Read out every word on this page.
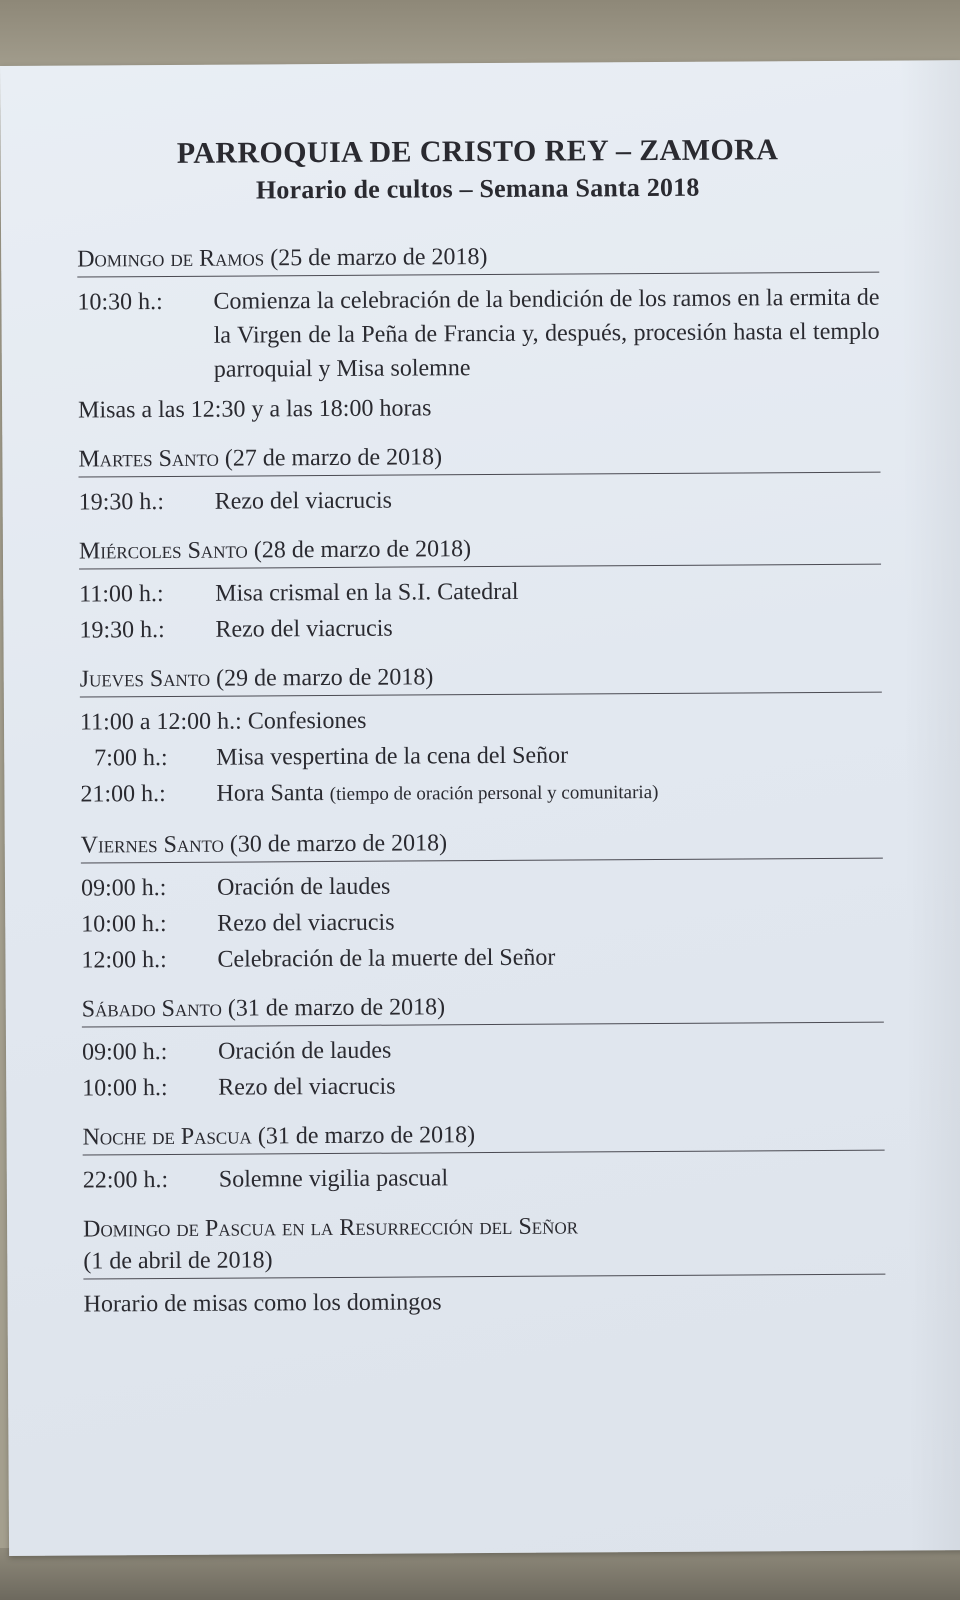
PARROQUIA DE CRISTO REY – ZAMORA
Horario de cultos – Semana Santa 2018
Domingo de Ramos (25 de marzo de 2018)
10:30 h.:	Comienza la celebración de la bendición de los ramos en la ermita de la Virgen de la Peña de Francia y, después, procesión hasta el templo parroquial y Misa solemne
Misas a las 12:30 y a las 18:00 horas
Martes Santo (27 de marzo de 2018)
19:30 h.:	Rezo del viacrucis
Miércoles Santo (28 de marzo de 2018)
11:00 h.:	Misa crismal en la S.I. Catedral
19:30 h.:	Rezo del viacrucis
Jueves Santo (29 de marzo de 2018)
11:00 a 12:00 h.: Confesiones
7:00 h.:	Misa vespertina de la cena del Señor
21:00 h.:	Hora Santa (tiempo de oración personal y comunitaria)
Viernes Santo (30 de marzo de 2018)
09:00 h.:	Oración de laudes
10:00 h.:	Rezo del viacrucis
12:00 h.:	Celebración de la muerte del Señor
Sábado Santo (31 de marzo de 2018)
09:00 h.:	Oración de laudes
10:00 h.:	Rezo del viacrucis
Noche de Pascua (31 de marzo de 2018)
22:00 h.:	Solemne vigilia pascual
Domingo de Pascua en la Resurrección del Señor
(1 de abril de 2018)
Horario de misas como los domingos
